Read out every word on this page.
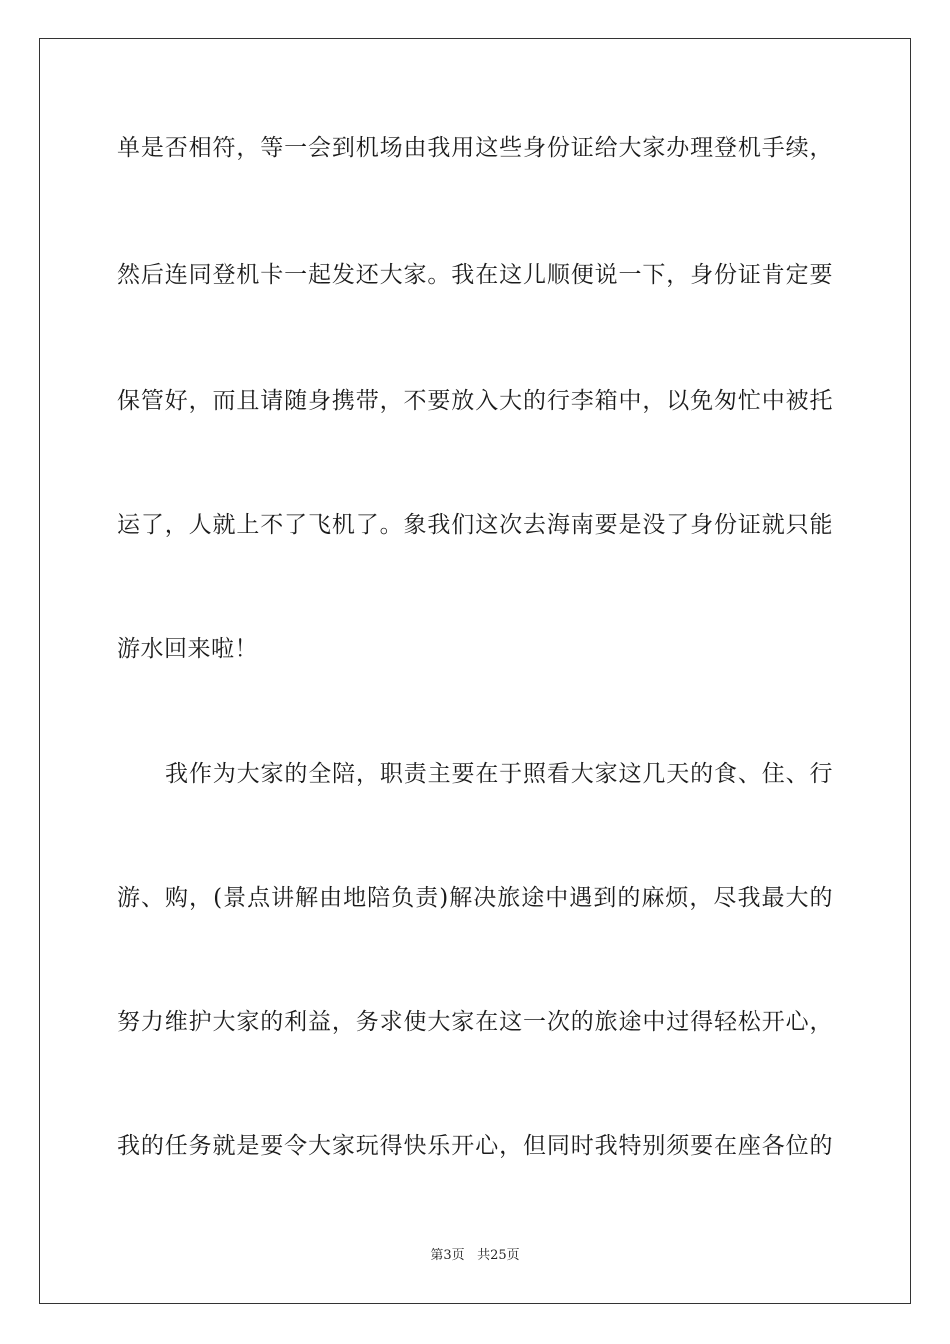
单是否相符，等一会到机场由我用这些身份证给大家办理登机手续，
然后连同登机卡一起发还大家。我在这儿顺便说一下，身份证肯定要
保管好，而且请随身携带，不要放入大的行李箱中，以免匆忙中被托
运了，人就上不了飞机了。象我们这次去海南要是没了身份证就只能
游水回来啦！
我作为大家的全陪，职责主要在于照看大家这几天的食、住、行
游、购，(景点讲解由地陪负责)解决旅途中遇到的麻烦，尽我最大的
努力维护大家的利益，务求使大家在这一次的旅途中过得轻松开心，
我的任务就是要令大家玩得快乐开心，但同时我特别须要在座各位的
第3页 共25页
